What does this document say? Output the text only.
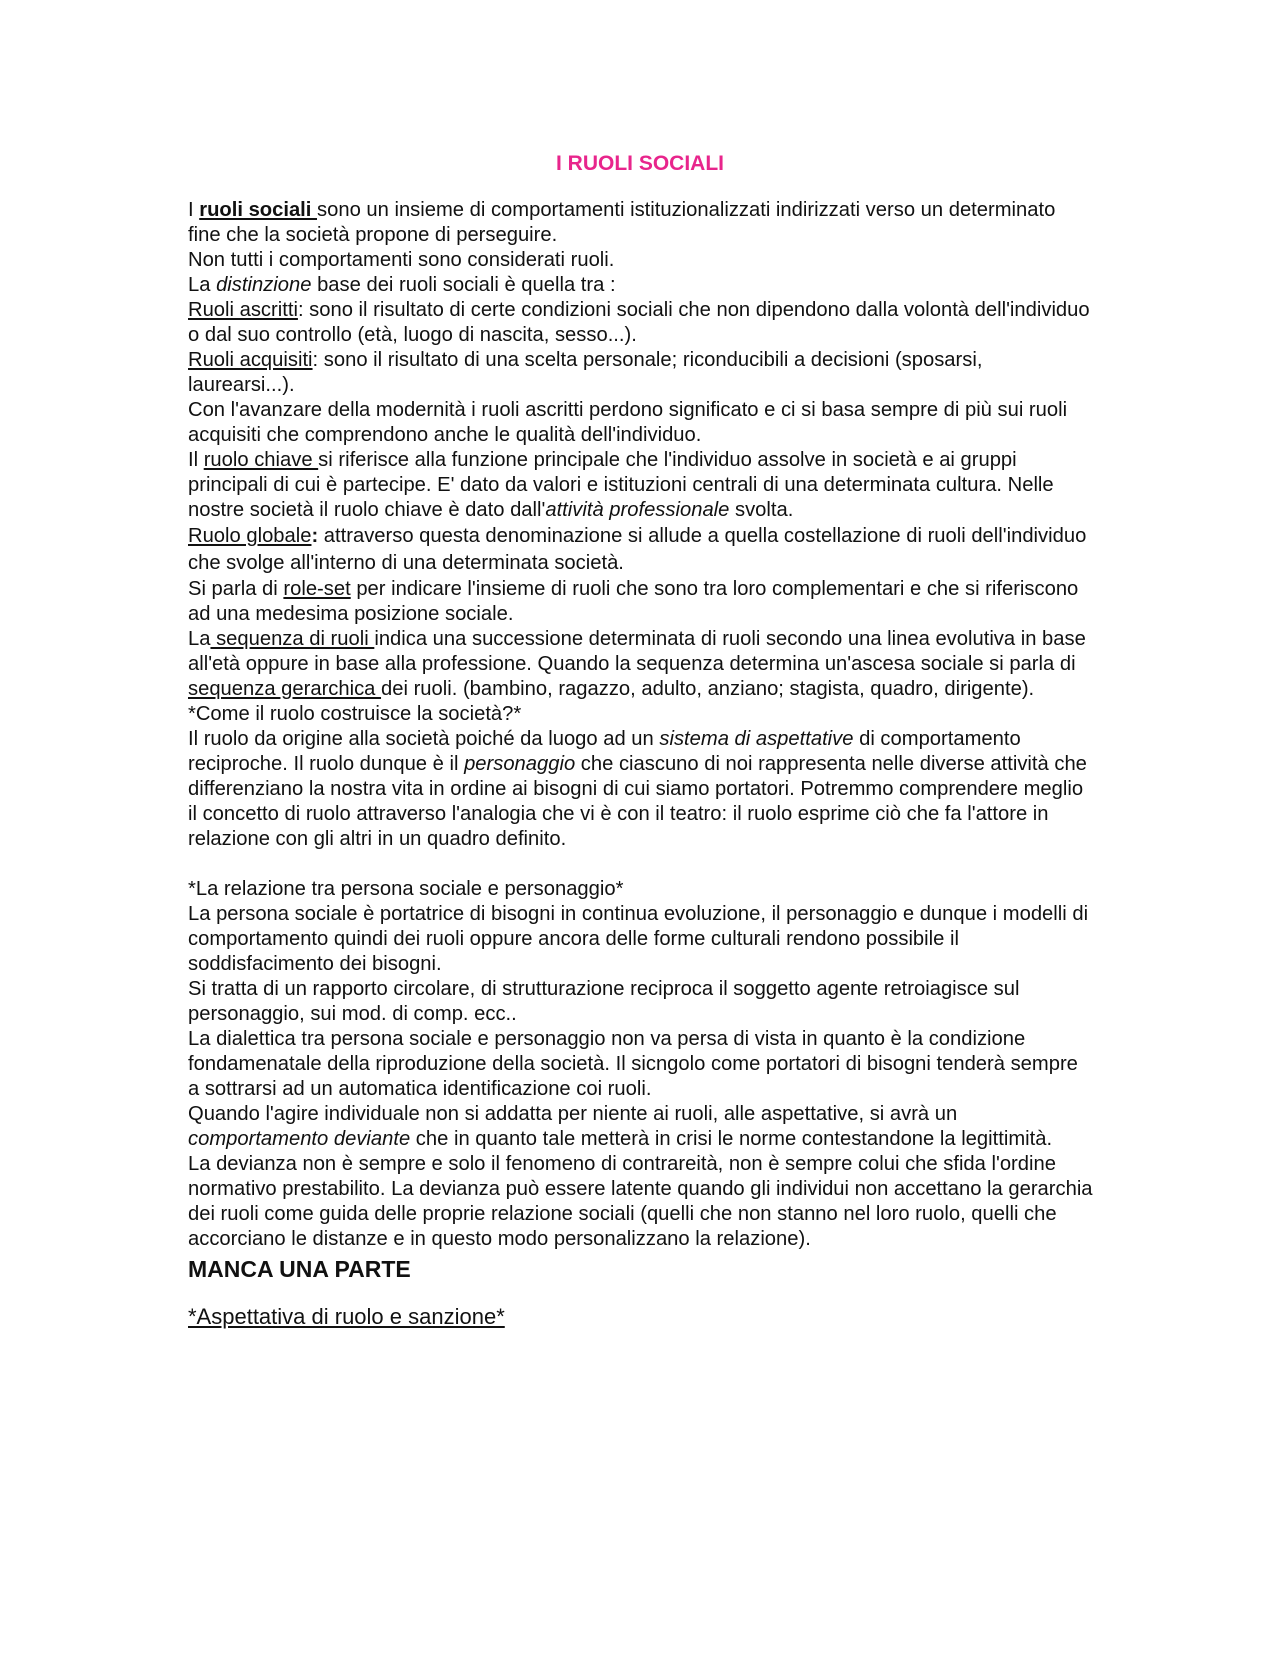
I RUOLI SOCIALI

I ruoli sociali sono un insieme di comportamenti istituzionalizzati indirizzati verso un determinato fine che la società propone di perseguire.

Non tutti i comportamenti sono considerati ruoli.

La distinzione base dei ruoli sociali è quella tra :

Ruoli ascritti: sono il risultato di certe condizioni sociali che non dipendono dalla volontà dell'individuo o dal suo controllo (età, luogo di nascita, sesso...).

Ruoli acquisiti: sono il risultato di una scelta personale; riconducibili a decisioni (sposarsi, laurearsi...).

Con l'avanzare della modernità i ruoli ascritti perdono significato e ci si basa sempre di più sui ruoli acquisiti che comprendono anche le qualità dell'individuo.

Il ruolo chiave si riferisce alla funzione principale che l'individuo assolve in società e ai gruppi principali di cui è partecipe. E' dato da valori e istituzioni centrali di una determinata cultura. Nelle nostre società il ruolo chiave è dato dall'attività professionale svolta.

Ruolo globale: attraverso questa denominazione si allude a quella costellazione di ruoli dell'individuo che svolge all'interno di una determinata società.

Si parla di role-set per indicare l'insieme di ruoli che sono tra loro complementari e che si riferiscono ad una medesima posizione sociale.

La sequenza di ruoli indica una successione determinata di ruoli secondo una linea evolutiva in base all'età oppure in base alla professione. Quando la sequenza determina un'ascesa sociale si parla di sequenza gerarchica dei ruoli. (bambino, ragazzo, adulto, anziano; stagista, quadro, dirigente).

*Come il ruolo costruisce la società?*

Il ruolo da origine alla società poiché da luogo ad un sistema di aspettative di comportamento reciproche. Il ruolo dunque è il personaggio che ciascuno di noi rappresenta nelle diverse attività che differenziano la nostra vita in ordine ai bisogni di cui siamo portatori. Potremmo comprendere meglio il concetto di ruolo attraverso l'analogia che vi è con il teatro: il ruolo esprime ciò che fa l'attore in relazione con gli altri in un quadro definito.

*La relazione tra persona sociale e personaggio*

La persona sociale è portatrice di bisogni in continua evoluzione, il personaggio e dunque i modelli di comportamento quindi dei ruoli oppure ancora delle forme culturali rendono possibile il soddisfacimento dei bisogni.

Si tratta di un rapporto circolare, di strutturazione reciproca il soggetto agente retroiagisce sul personaggio, sui mod. di comp. ecc..

La dialettica tra persona sociale e personaggio non va persa di vista in quanto è la condizione fondamenatale della riproduzione della società. Il sicngolo come portatori di bisogni tenderà sempre a sottrarsi ad un automatica identificazione coi ruoli.

Quando l'agire individuale non si addatta per niente ai ruoli, alle aspettative, si avrà un comportamento deviante che in quanto tale metterà in crisi le norme contestandone la legittimità.

La devianza non è sempre e solo il fenomeno di contrareità, non è sempre colui che sfida l'ordine normativo prestabilito. La devianza può essere latente quando gli individui non accettano la gerarchia dei ruoli come guida delle proprie relazione sociali (quelli che non stanno nel loro ruolo, quelli che accorciano le distanze e in questo modo personalizzano la relazione).

MANCA UNA PARTE

*Aspettativa di ruolo e sanzione*
